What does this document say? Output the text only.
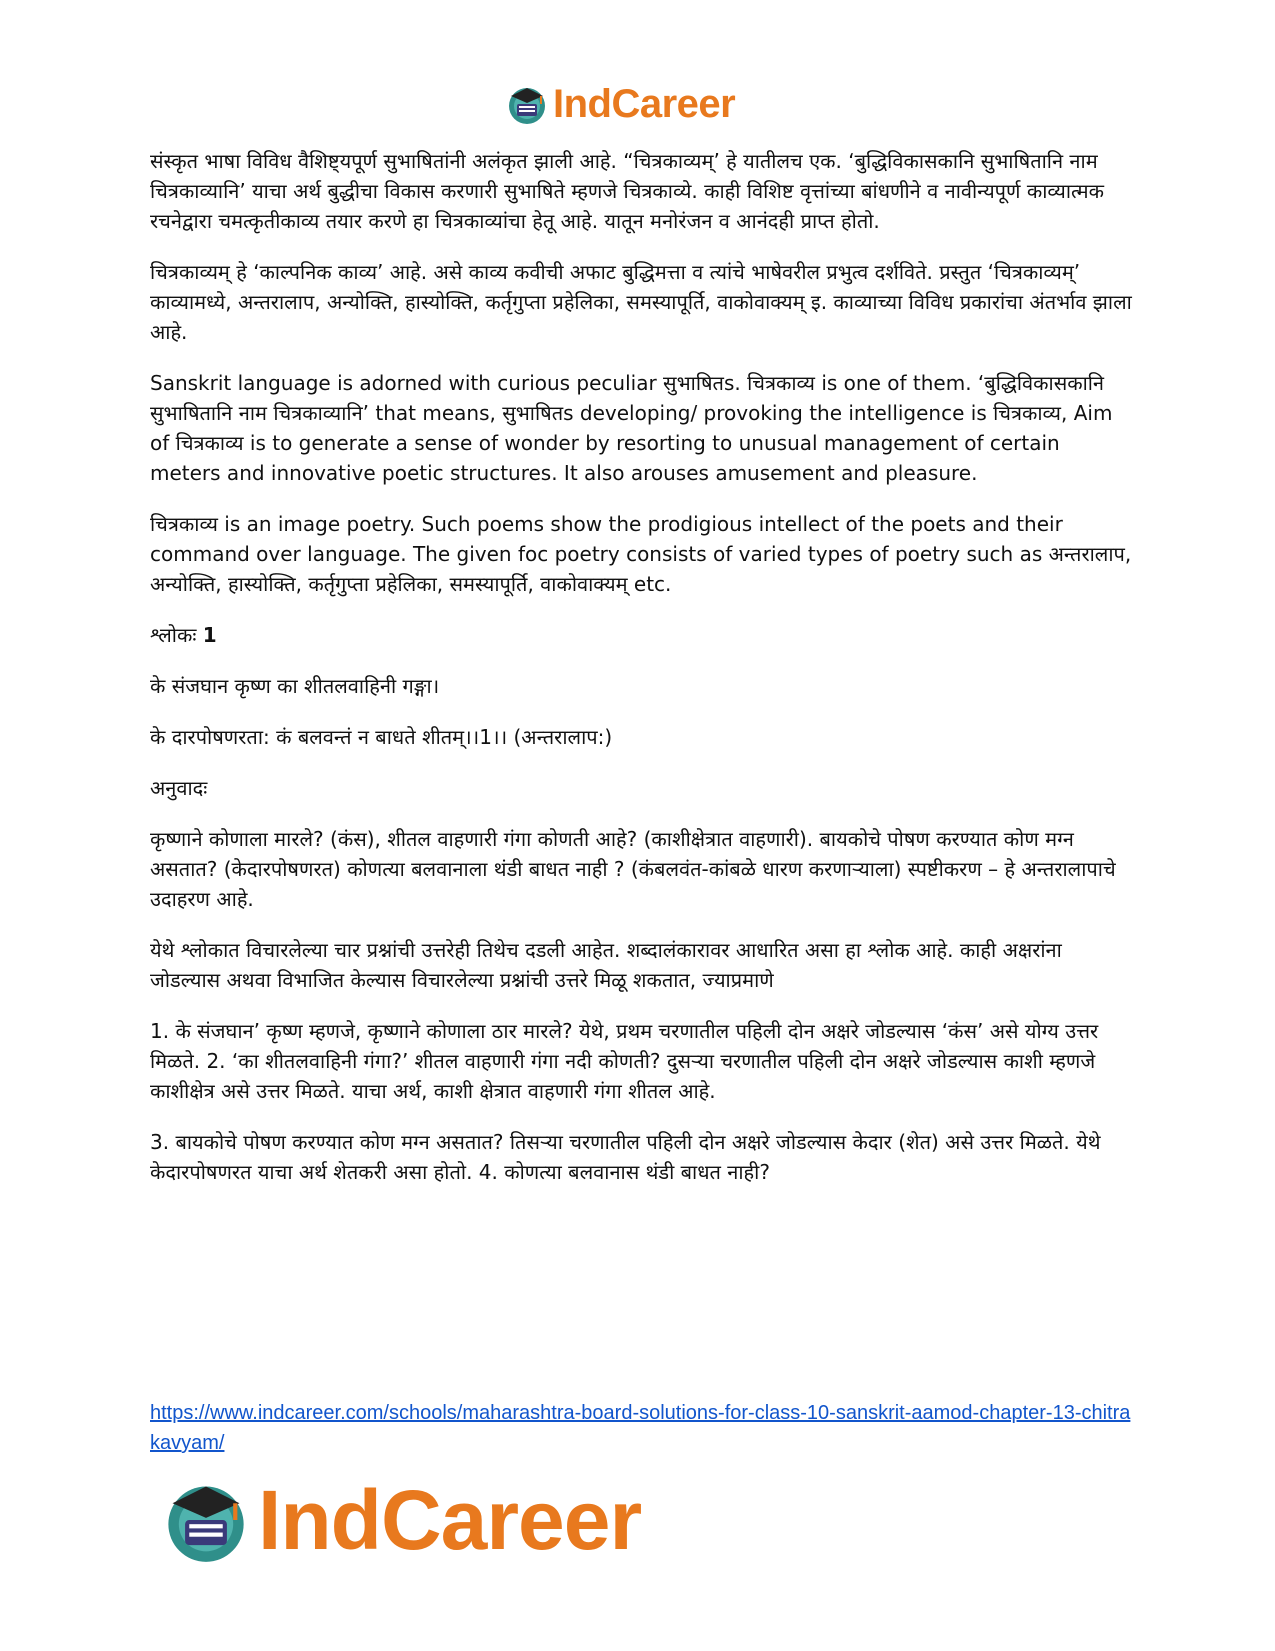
IndCareer

संस्कृत भाषा विविध वैशिष्ट्यपूर्ण सुभाषितांनी अलंकृत झाली आहे. “चित्रकाव्यम्’ हे यातीलच एक. ‘बुद्धिविकासकानि सुभाषितानि नाम चित्रकाव्यानि’ याचा अर्थ बुद्धीचा विकास करणारी सुभाषिते म्हणजे चित्रकाव्ये. काही विशिष्ट वृत्तांच्या बांधणीने व नावीन्यपूर्ण काव्यात्मक रचनेद्वारा चमत्कृतीकाव्य तयार करणे हा चित्रकाव्यांचा हेतू आहे. यातून मनोरंजन व आनंदही प्राप्त होतो.

चित्रकाव्यम् हे ‘काल्पनिक काव्य’ आहे. असे काव्य कवीची अफाट बुद्धिमत्ता व त्यांचे भाषेवरील प्रभुत्व दर्शविते. प्रस्तुत ‘चित्रकाव्यम्’ काव्यामध्ये, अन्तरालाप, अन्योक्ति, हास्योक्ति, कर्तृगुप्ता प्रहेलिका, समस्यापूर्ति, वाकोवाक्यम् इ. काव्याच्या विविध प्रकारांचा अंतर्भाव झाला आहे.

Sanskrit language is adorned with curious peculiar सुभाषितs. चित्रकाव्य is one of them. ‘बुद्धिविकासकानि सुभाषितानि नाम चित्रकाव्यानि’ that means, सुभाषितs developing/ provoking the intelligence is चित्रकाव्य, Aim of चित्रकाव्य is to generate a sense of wonder by resorting to unusual management of certain meters and innovative poetic structures. It also arouses amusement and pleasure.

चित्रकाव्य is an image poetry. Such poems show the prodigious intellect of the poets and their command over language. The given foc poetry consists of varied types of poetry such as अन्तरालाप, अन्योक्ति, हास्योक्ति, कर्तृगुप्ता प्रहेलिका, समस्यापूर्ति, वाकोवाक्यम् etc.

श्लोकः 1

के संजघान कृष्ण का शीतलवाहिनी गङ्गा।

के दारपोषणरता: कं बलवन्तं न बाधते शीतम्।।1।। (अन्तरालाप:)

अनुवादः

कृष्णाने कोणाला मारले? (कंस), शीतल वाहणारी गंगा कोणती आहे? (काशीक्षेत्रात वाहणारी). बायकोचे पोषण करण्यात कोण मग्न असतात? (केदारपोषणरत) कोणत्या बलवानाला थंडी बाधत नाही ? (कंबलवंत-कांबळे धारण करणाऱ्याला) स्पष्टीकरण – हे अन्तरालापाचे उदाहरण आहे.

येथे श्लोकात विचारलेल्या चार प्रश्नांची उत्तरेही तिथेच दडली आहेत. शब्दालंकारावर आधारित असा हा श्लोक आहे. काही अक्षरांना जोडल्यास अथवा विभाजित केल्यास विचारलेल्या प्रश्नांची उत्तरे मिळू शकतात, ज्याप्रमाणे

1. के संजघान’ कृष्ण म्हणजे, कृष्णाने कोणाला ठार मारले? येथे, प्रथम चरणातील पहिली दोन अक्षरे जोडल्यास ‘कंस’ असे योग्य उत्तर मिळते. 2. ‘का शीतलवाहिनी गंगा?’ शीतल वाहणारी गंगा नदी कोणती? दुसऱ्या चरणातील पहिली दोन अक्षरे जोडल्यास काशी म्हणजे काशीक्षेत्र असे उत्तर मिळते. याचा अर्थ, काशी क्षेत्रात वाहणारी गंगा शीतल आहे.

3. बायकोचे पोषण करण्यात कोण मग्न असतात? तिसऱ्या चरणातील पहिली दोन अक्षरे जोडल्यास केदार (शेत) असे उत्तर मिळते. येथे केदारपोषणरत याचा अर्थ शेतकरी असा होतो. 4. कोणत्या बलवानास थंडी बाधत नाही?

https://www.indcareer.com/schools/maharashtra-board-solutions-for-class-10-sanskrit-aamod-chapter-13-chitrakavyam/
IndCareer
